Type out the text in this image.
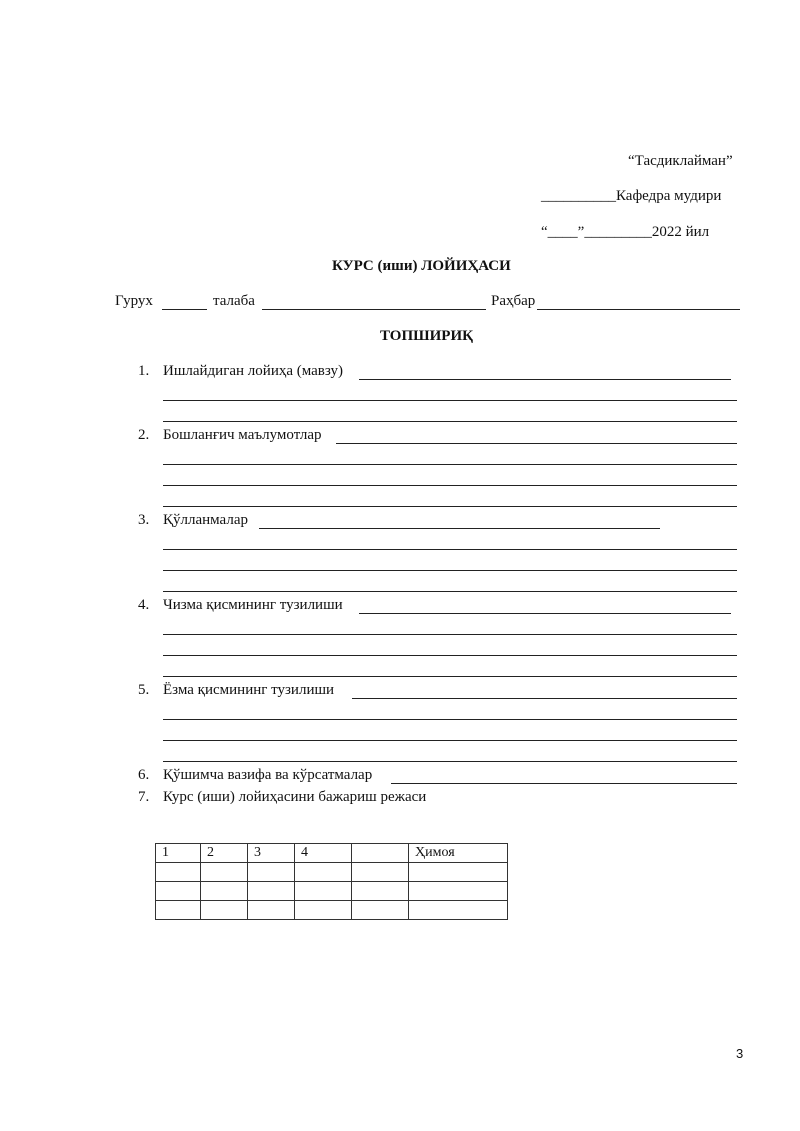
“Тасдиклайман”
__________Кафедра мудири
“____”_________2022 йил
КУРС (иши) ЛОЙИҲАСИ
Гурух	талаба	Раҳбар
ТОПШИРИҚ
1. Ишлайдиган лойиҳа (мавзу)
2. Бошланғич маълумотлар
3. Қўлланмалар
4. Чизма қисмининг тузилиши
5. Ёзма қисмининг тузилиши
6. Қўшимча вазифа ва кўрсатмалар
7. Курс (иши) лойиҳасини бажариш режаси
1	2	3	4		Ҳимоя

3
